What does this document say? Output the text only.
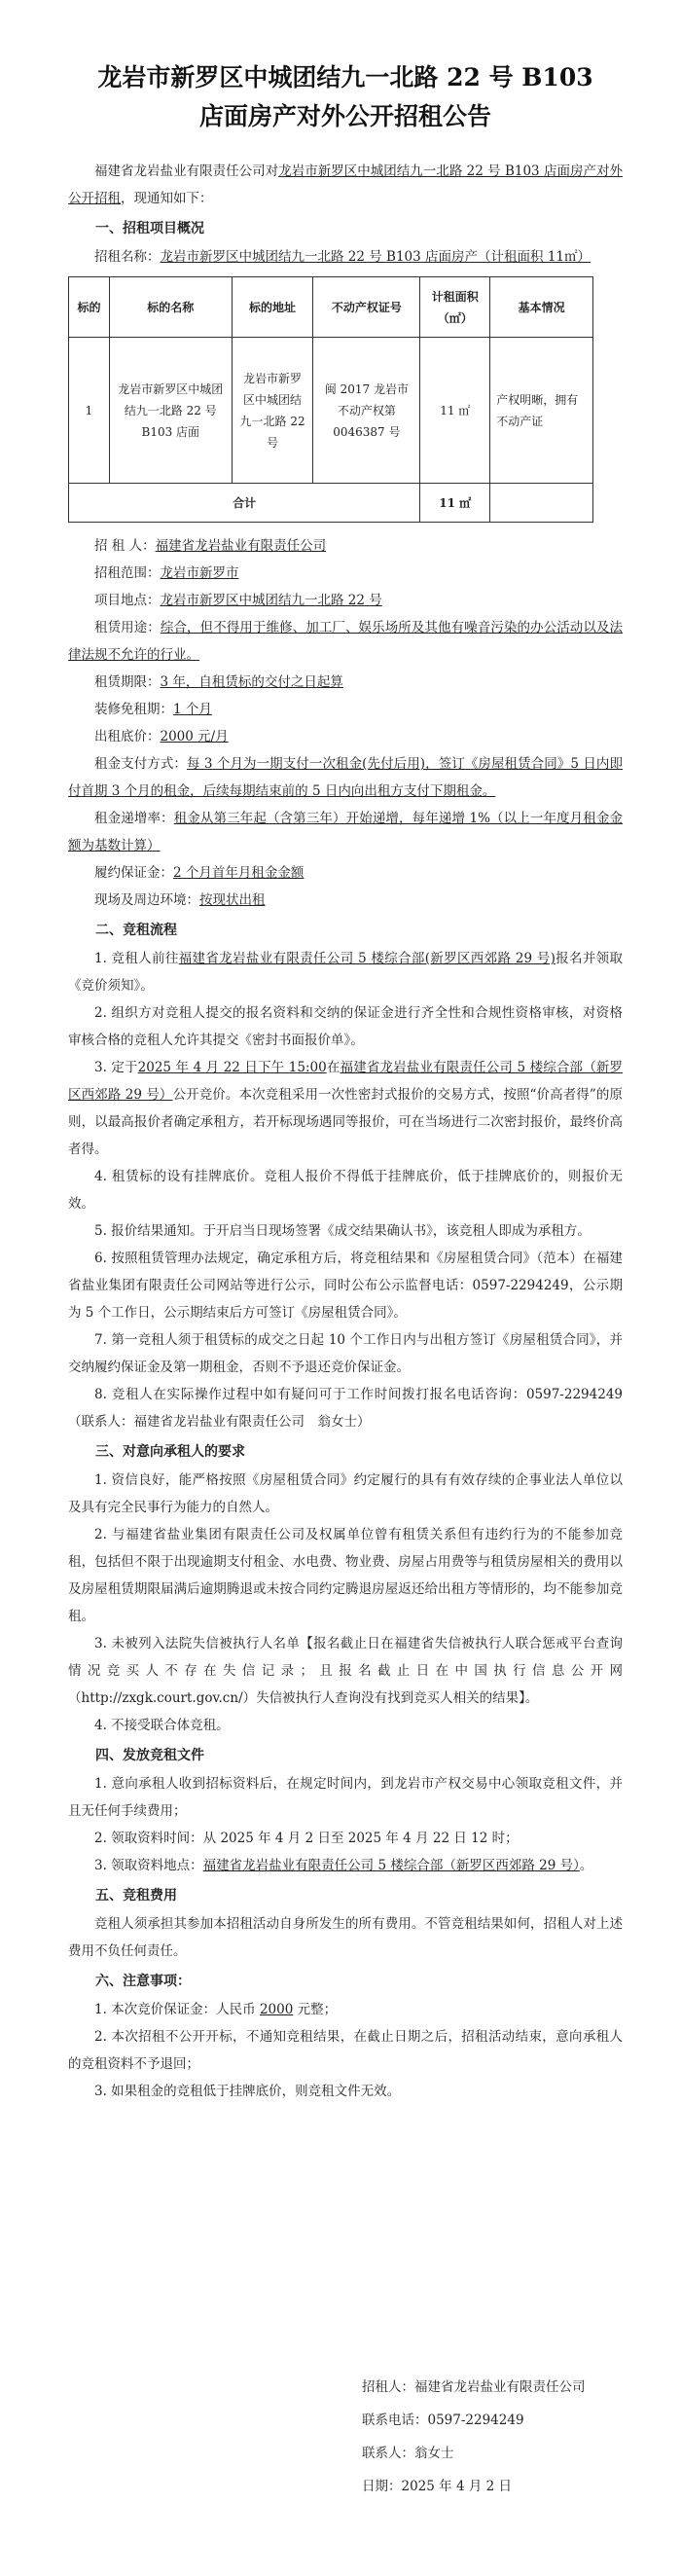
龙岩市新罗区中城团结九一北路 22 号 B103
店面房产对外公开招租公告

福建省龙岩盐业有限责任公司对龙岩市新罗区中城团结九一北路 22 号 B103 店面房产对外公开招租，现通知如下：

一、招租项目概况

招租名称：龙岩市新罗区中城团结九一北路 22 号 B103 店面房产（计租面积 11㎡）

标的	标的名称	标的地址	不动产权证号	计租面积（㎡）	基本情况
1	龙岩市新罗区中城团结九一北路 22 号 B103 店面	龙岩市新罗区中城团结九一北路 22 号	闽 2017 龙岩市不动产权第 0046387 号	11 ㎡	产权明晰，拥有不动产证
合计				11 ㎡	

招 租 人：福建省龙岩盐业有限责任公司

招租范围：龙岩市新罗市

项目地点：龙岩市新罗区中城团结九一北路 22 号

租赁用途：综合，但不得用于维修、加工厂、娱乐场所及其他有噪音污染的办公活动以及法律法规不允许的行业。

租赁期限：3 年，自租赁标的交付之日起算

装修免租期：1 个月

出租底价：2000 元/月

租金支付方式：每 3 个月为一期支付一次租金(先付后用)，签订《房屋租赁合同》5 日内即付首期 3 个月的租金，后续每期结束前的 5 日内向出租方支付下期租金。

租金递增率：租金从第三年起（含第三年）开始递增，每年递增 1%（以上一年度月租金金额为基数计算）

履约保证金：2 个月首年月租金金额

现场及周边环境：按现状出租

二、竞租流程

1. 竞租人前往福建省龙岩盐业有限责任公司 5 楼综合部(新罗区西郊路 29 号)报名并领取《竞价须知》。

2. 组织方对竞租人提交的报名资料和交纳的保证金进行齐全性和合规性资格审核，对资格审核合格的竞租人允许其提交《密封书面报价单》。

3. 定于2025 年 4 月 22 日下午 15:00在福建省龙岩盐业有限责任公司 5 楼综合部（新罗区西郊路 29 号）公开竞价。本次竞租采用一次性密封式报价的交易方式，按照“价高者得”的原则，以最高报价者确定承租方，若开标现场遇同等报价，可在当场进行二次密封报价，最终价高者得。

4. 租赁标的设有挂牌底价。竞租人报价不得低于挂牌底价，低于挂牌底价的，则报价无效。

5. 报价结果通知。于开启当日现场签署《成交结果确认书》，该竞租人即成为承租方。

6. 按照租赁管理办法规定，确定承租方后，将竞租结果和《房屋租赁合同》（范本）在福建省盐业集团有限责任公司网站等进行公示，同时公布公示监督电话：0597-2294249，公示期为 5 个工作日，公示期结束后方可签订《房屋租赁合同》。

7. 第一竞租人须于租赁标的成交之日起 10 个工作日内与出租方签订《房屋租赁合同》，并交纳履约保证金及第一期租金，否则不予退还竞价保证金。

8. 竞租人在实际操作过程中如有疑问可于工作时间拨打报名电话咨询：0597-2294249（联系人：福建省龙岩盐业有限责任公司　翁女士）

三、对意向承租人的要求

1. 资信良好，能严格按照《房屋租赁合同》约定履行的具有有效存续的企事业法人单位以及具有完全民事行为能力的自然人。

2. 与福建省盐业集团有限责任公司及权属单位曾有租赁关系但有违约行为的不能参加竞租，包括但不限于出现逾期支付租金、水电费、物业费、房屋占用费等与租赁房屋相关的费用以及房屋租赁期限届满后逾期腾退或未按合同约定腾退房屋返还给出租方等情形的，均不能参加竞租。

3. 未被列入法院失信被执行人名单【报名截止日在福建省失信被执行人联合惩戒平台查询情况竞买人不存在失信记录；且报名截止日在中国执行信息公开网（http://zxgk.court.gov.cn/）失信被执行人查询没有找到竞买人相关的结果】。

4. 不接受联合体竞租。

四、发放竞租文件

1. 意向承租人收到招标资料后，在规定时间内，到龙岩市产权交易中心领取竞租文件，并且无任何手续费用；

2. 领取资料时间：从 2025 年 4 月 2 日至 2025 年 4 月 22 日 12 时；

3. 领取资料地点：福建省龙岩盐业有限责任公司 5 楼综合部（新罗区西郊路 29 号）。

五、竞租费用

竞租人须承担其参加本招租活动自身所发生的所有费用。不管竞租结果如何，招租人对上述费用不负任何责任。

六、注意事项：

1. 本次竞价保证金：人民币 2000 元整；

2. 本次招租不公开开标，不通知竞租结果，在截止日期之后，招租活动结束，意向承租人的竞租资料不予退回；

3. 如果租金的竞租低于挂牌底价，则竞租文件无效。

招租人：福建省龙岩盐业有限责任公司
联系电话：0597-2294249
联系人：翁女士
日期：2025 年 4 月 2 日
